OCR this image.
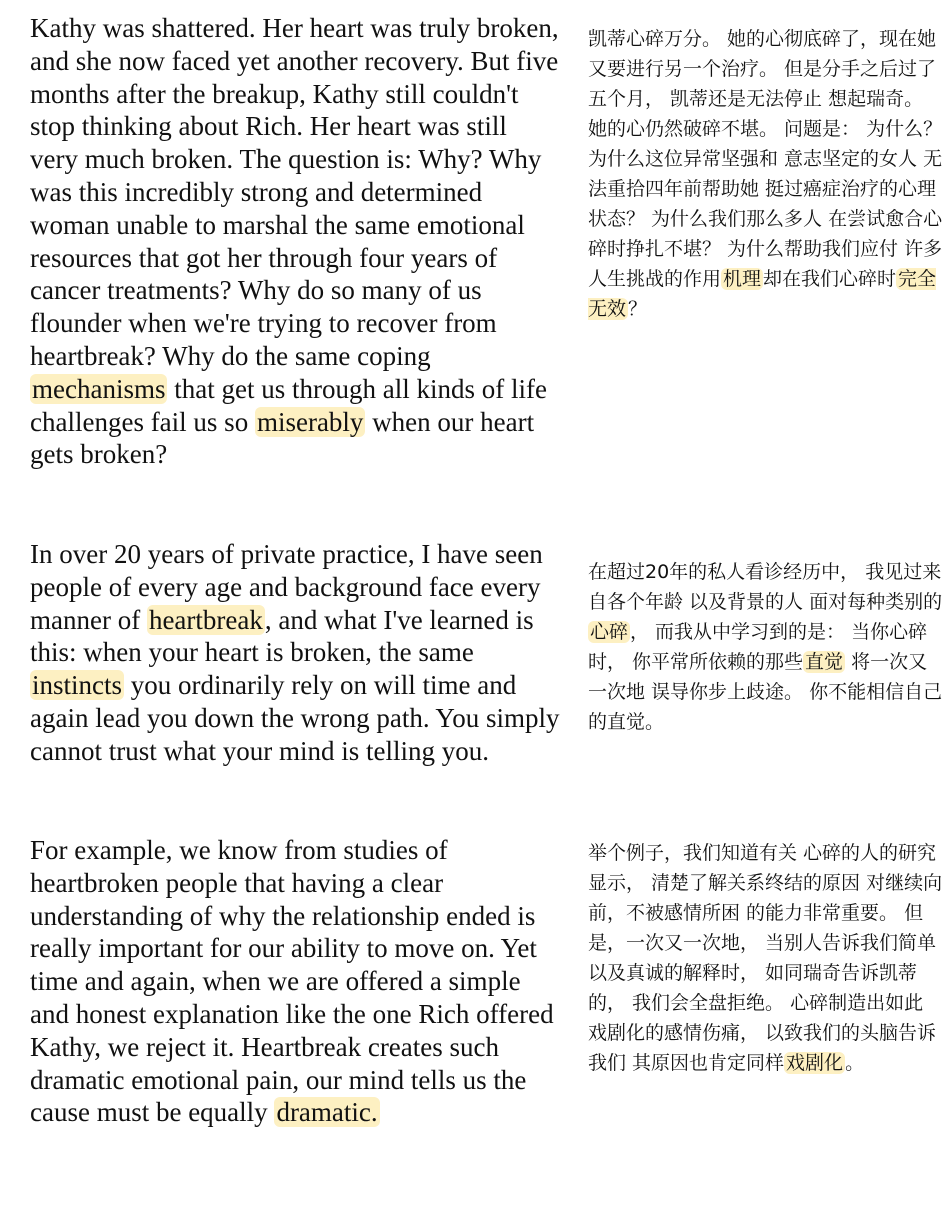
Kathy was shattered. Her heart was truly broken, and she now faced yet another recovery. But five months after the breakup, Kathy still couldn't stop thinking about Rich. Her heart was still very much broken. The question is: Why? Why was this incredibly strong and determined woman unable to marshal the same emotional resources that got her through four years of cancer treatments? Why do so many of us flounder when we're trying to recover from heartbreak? Why do the same coping mechanisms that get us through all kinds of life challenges fail us so miserably when our heart gets broken?
凯蒂心碎万分。 她的心彻底碎了，现在她又要进行另一个治疗。 但是分手之后过了五个月， 凯蒂还是无法停止 想起瑞奇。 她的心仍然破碎不堪。 问题是： 为什么？ 为什么这位异常坚强和 意志坚定的女人 无法重拾四年前帮助她 挺过癌症治疗的心理状态？ 为什么我们那么多人 在尝试愈合心碎时挣扎不堪？ 为什么帮助我们应付 许多人生挑战的作用 机理 却在我们心碎时 完全无效 ？
In over 20 years of private practice, I have seen people of every age and background face every manner of heartbreak, and what I've learned is this: when your heart is broken, the same instincts you ordinarily rely on will time and again lead you down the wrong path. You simply cannot trust what your mind is telling you.
在超过20年的私人看诊经历中， 我见过来自各个年龄 以及背景的人 面对每种类别的心碎 ， 而我从中学习到的是： 当你心碎时， 你平常所依赖的那些 直觉 将一次又一次地 误导你步上歧途。 你不能相信自己的直觉。
For example, we know from studies of heartbroken people that having a clear understanding of why the relationship ended is really important for our ability to move on. Yet time and again, when we are offered a simple and honest explanation like the one Rich offered Kathy, we reject it. Heartbreak creates such dramatic emotional pain, our mind tells us the cause must be equally dramatic.
举个例子，我们知道有关 心碎的人的研究显示， 清楚了解关系终结的原因 对继续向前，不被感情所困 的能力非常重要。 但是，一次又一次地， 当别人告诉我们简单 以及真诚的解释时， 如同瑞奇告诉凯蒂的， 我们会全盘拒绝。 心碎制造出如此 戏剧化的感情伤痛， 以致我们的头脑告诉我们 其原因也肯定同样 戏剧化 。
